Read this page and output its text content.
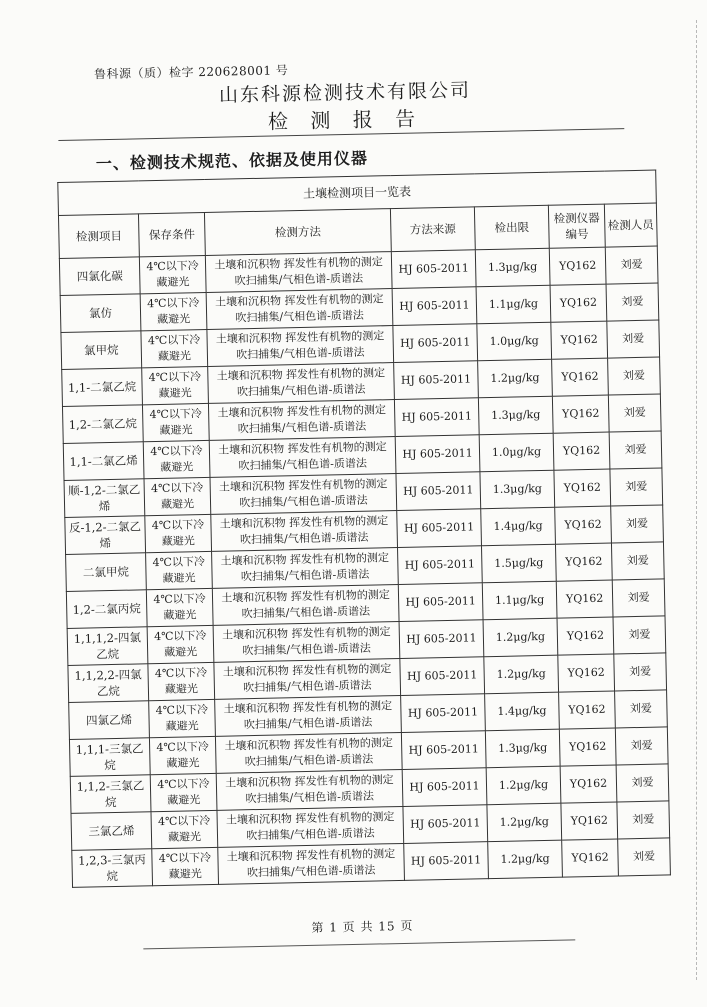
鲁科源（质）检字 220628001 号
山东科源检测技术有限公司
检 测 报 告
一、检测技术规范、依据及使用仪器
土壤检测项目一览表						
检测项目	保存条件	检测方法	方法来源	检出限	检测仪器编号	检测人员
四氯化碳	4℃以下冷藏避光	土壤和沉积物 挥发性有机物的测定 吹扫捕集/气相色谱-质谱法	HJ 605-2011	1.3μg/kg	YQ162	刘爱
氯仿	4℃以下冷藏避光	土壤和沉积物 挥发性有机物的测定 吹扫捕集/气相色谱-质谱法	HJ 605-2011	1.1μg/kg	YQ162	刘爱
氯甲烷	4℃以下冷藏避光	土壤和沉积物 挥发性有机物的测定 吹扫捕集/气相色谱-质谱法	HJ 605-2011	1.0μg/kg	YQ162	刘爱
1,1-二氯乙烷	4℃以下冷藏避光	土壤和沉积物 挥发性有机物的测定 吹扫捕集/气相色谱-质谱法	HJ 605-2011	1.2μg/kg	YQ162	刘爱
1,2-二氯乙烷	4℃以下冷藏避光	土壤和沉积物 挥发性有机物的测定 吹扫捕集/气相色谱-质谱法	HJ 605-2011	1.3μg/kg	YQ162	刘爱
1,1-二氯乙烯	4℃以下冷藏避光	土壤和沉积物 挥发性有机物的测定 吹扫捕集/气相色谱-质谱法	HJ 605-2011	1.0μg/kg	YQ162	刘爱
顺-1,2-二氯乙烯	4℃以下冷藏避光	土壤和沉积物 挥发性有机物的测定 吹扫捕集/气相色谱-质谱法	HJ 605-2011	1.3μg/kg	YQ162	刘爱
反-1,2-二氯乙烯	4℃以下冷藏避光	土壤和沉积物 挥发性有机物的测定 吹扫捕集/气相色谱-质谱法	HJ 605-2011	1.4μg/kg	YQ162	刘爱
二氯甲烷	4℃以下冷藏避光	土壤和沉积物 挥发性有机物的测定 吹扫捕集/气相色谱-质谱法	HJ 605-2011	1.5μg/kg	YQ162	刘爱
1,2-二氯丙烷	4℃以下冷藏避光	土壤和沉积物 挥发性有机物的测定 吹扫捕集/气相色谱-质谱法	HJ 605-2011	1.1μg/kg	YQ162	刘爱
1,1,1,2-四氯乙烷	4℃以下冷藏避光	土壤和沉积物 挥发性有机物的测定 吹扫捕集/气相色谱-质谱法	HJ 605-2011	1.2μg/kg	YQ162	刘爱
1,1,2,2-四氯乙烷	4℃以下冷藏避光	土壤和沉积物 挥发性有机物的测定 吹扫捕集/气相色谱-质谱法	HJ 605-2011	1.2μg/kg	YQ162	刘爱
四氯乙烯	4℃以下冷藏避光	土壤和沉积物 挥发性有机物的测定 吹扫捕集/气相色谱-质谱法	HJ 605-2011	1.4μg/kg	YQ162	刘爱
1,1,1-三氯乙烷	4℃以下冷藏避光	土壤和沉积物 挥发性有机物的测定 吹扫捕集/气相色谱-质谱法	HJ 605-2011	1.3μg/kg	YQ162	刘爱
1,1,2-三氯乙烷	4℃以下冷藏避光	土壤和沉积物 挥发性有机物的测定 吹扫捕集/气相色谱-质谱法	HJ 605-2011	1.2μg/kg	YQ162	刘爱
三氯乙烯	4℃以下冷藏避光	土壤和沉积物 挥发性有机物的测定 吹扫捕集/气相色谱-质谱法	HJ 605-2011	1.2μg/kg	YQ162	刘爱
1,2,3-三氯丙烷	4℃以下冷藏避光	土壤和沉积物 挥发性有机物的测定 吹扫捕集/气相色谱-质谱法	HJ 605-2011	1.2μg/kg	YQ162	刘爱
第 1 页 共 15 页
